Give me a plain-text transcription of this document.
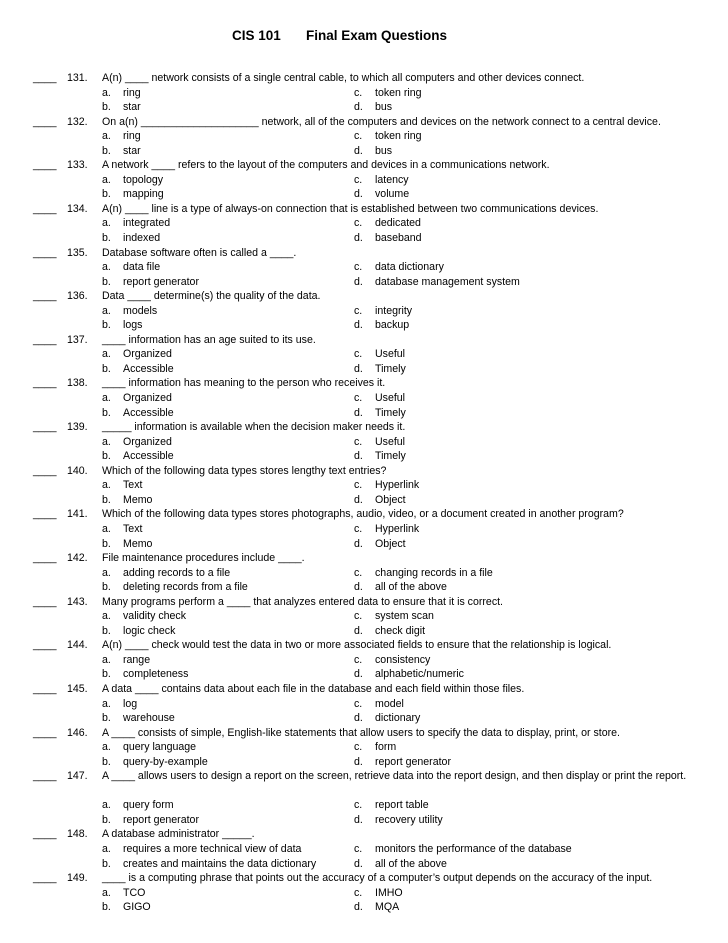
CIS 101 Final Exam Questions
____ 131. A(n) ____ network consists of a single central cable, to which all computers and other devices connect.
a. ring	c. token ring
b. star	d. bus
____ 132. On a(n) ____________________ network, all of the computers and devices on the network connect to a central device.
a. ring	c. token ring
b. star	d. bus
____ 133. A network ____ refers to the layout of the computers and devices in a communications network.
a. topology	c. latency
b. mapping	d. volume
____ 134. A(n) ____ line is a type of always-on connection that is established between two communications devices.
a. integrated	c. dedicated
b. indexed	d. baseband
____ 135. Database software often is called a ____.
a. data file	c. data dictionary
b. report generator	d. database management system
____ 136. Data ____ determine(s) the quality of the data.
a. models	c. integrity
b. logs	d. backup
____ 137. ____ information has an age suited to its use.
a. Organized	c. Useful
b. Accessible	d. Timely
____ 138. ____ information has meaning to the person who receives it.
a. Organized	c. Useful
b. Accessible	d. Timely
____ 139. _____ information is available when the decision maker needs it.
a. Organized	c. Useful
b. Accessible	d. Timely
____ 140. Which of the following data types stores lengthy text entries?
a. Text	c. Hyperlink
b. Memo	d. Object
____ 141. Which of the following data types stores photographs, audio, video, or a document created in another program?
a. Text	c. Hyperlink
b. Memo	d. Object
____ 142. File maintenance procedures include ____.
a. adding records to a file	c. changing records in a file
b. deleting records from a file	d. all of the above
____ 143. Many programs perform a ____ that analyzes entered data to ensure that it is correct.
a. validity check	c. system scan
b. logic check	d. check digit
____ 144. A(n) ____ check would test the data in two or more associated fields to ensure that the relationship is logical.
a. range	c. consistency
b. completeness	d. alphabetic/numeric
____ 145. A data ____ contains data about each file in the database and each field within those files.
a. log	c. model
b. warehouse	d. dictionary
____ 146. A ____ consists of simple, English-like statements that allow users to specify the data to display, print, or store.
a. query language	c. form
b. query-by-example	d. report generator
____ 147. A ____ allows users to design a report on the screen, retrieve data into the report design, and then display or print the report.
a. query form	c. report table
b. report generator	d. recovery utility
____ 148. A database administrator _____.
a. requires a more technical view of data	c. monitors the performance of the database
b. creates and maintains the data dictionary	d. all of the above
____ 149. ____ is a computing phrase that points out the accuracy of a computer’s output depends on the accuracy of the input.
a. TCO	c. IMHO
b. GIGO	d. MQA
